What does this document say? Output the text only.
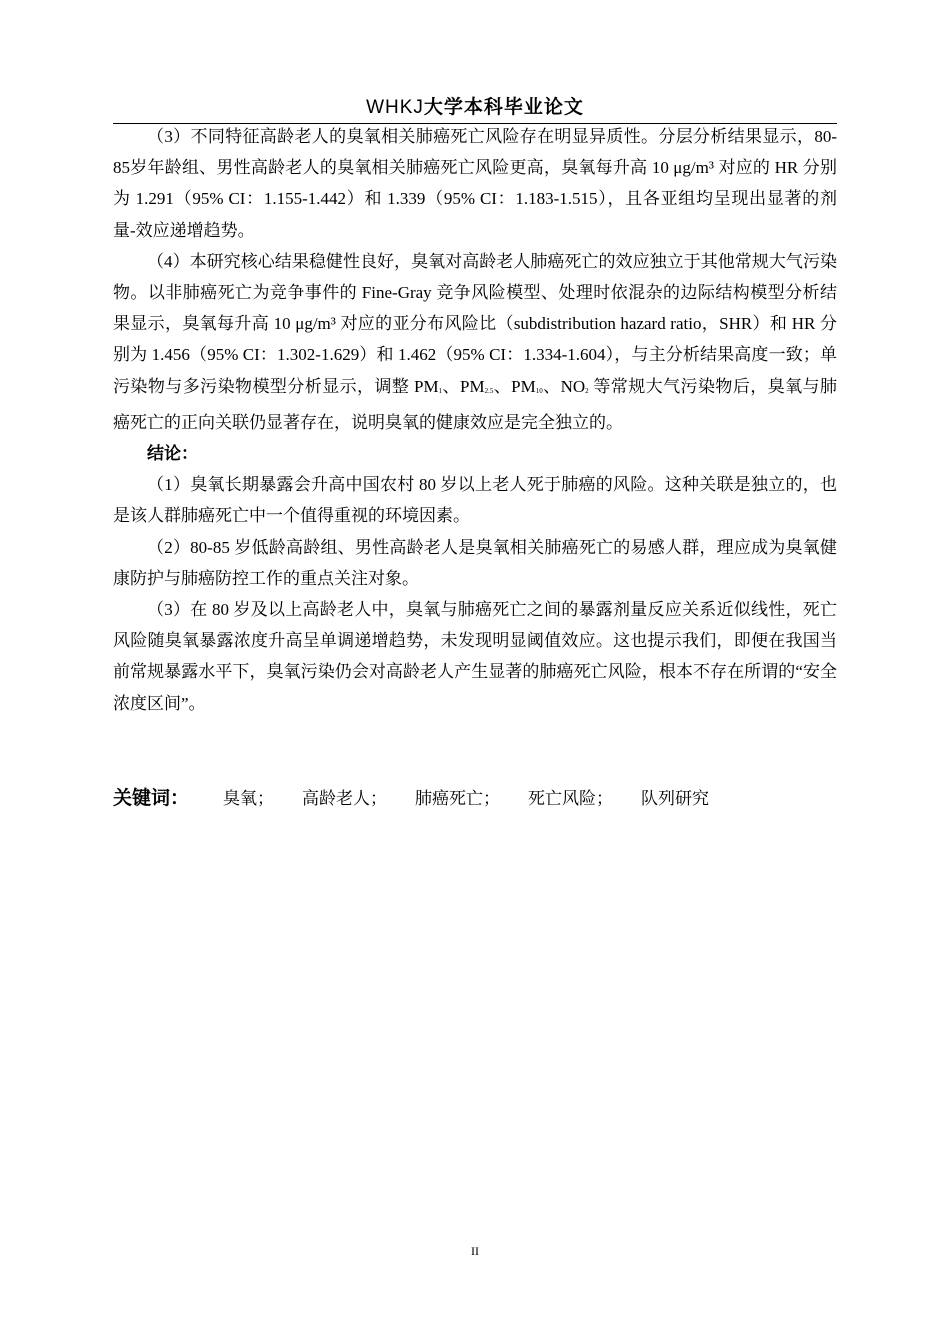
WHKJ大学本科毕业论文

（3）不同特征高龄老人的臭氧相关肺癌死亡风险存在明显异质性。分层分析结果显示，80-85岁年龄组、男性高龄老人的臭氧相关肺癌死亡风险更高，臭氧每升高 10 μg/m³ 对应的 HR 分别为 1.291（95% CI：1.155-1.442）和 1.339（95% CI：1.183-1.515），且各亚组均呈现出显著的剂量-效应递增趋势。

（4）本研究核心结果稳健性良好，臭氧对高龄老人肺癌死亡的效应独立于其他常规大气污染物。以非肺癌死亡为竞争事件的 Fine-Gray 竞争风险模型、处理时依混杂的边际结构模型分析结果显示，臭氧每升高 10 μg/m³ 对应的亚分布风险比（subdistribution hazard ratio，SHR）和 HR 分别为 1.456（95% CI：1.302-1.629）和 1.462（95% CI：1.334-1.604），与主分析结果高度一致；单污染物与多污染物模型分析显示，调整 $PM_1$、$PM_{2.5}$、$PM_{10}$、$NO_2$ 等常规大气污染物后，臭氧与肺癌死亡的正向关联仍显著存在，说明臭氧的健康效应是完全独立的。

结论：

（1）臭氧长期暴露会升高中国农村 80 岁以上老人死于肺癌的风险。这种关联是独立的，也是该人群肺癌死亡中一个值得重视的环境因素。

（2）80-85 岁低龄高龄组、男性高龄老人是臭氧相关肺癌死亡的易感人群，理应成为臭氧健康防护与肺癌防控工作的重点关注对象。

（3）在 80 岁及以上高龄老人中，臭氧与肺癌死亡之间的暴露剂量反应关系近似线性，死亡风险随臭氧暴露浓度升高呈单调递增趋势，未发现明显阈值效应。这也提示我们，即便在我国当前常规暴露水平下，臭氧污染仍会对高龄老人产生显著的肺癌死亡风险，根本不存在所谓的“安全浓度区间”。

关键词： 臭氧； 高龄老人； 肺癌死亡； 死亡风险； 队列研究
II
